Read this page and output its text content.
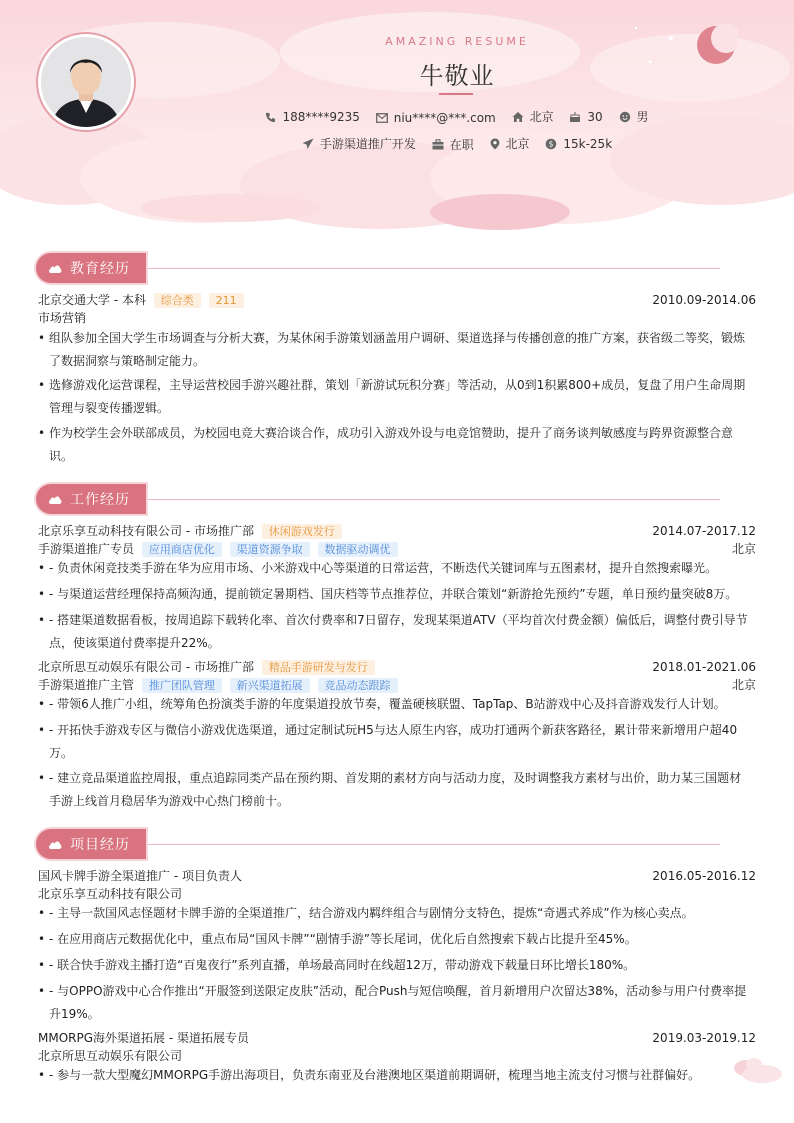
AMAZING RESUME
牛敬业
188****9235
	niu****@***.com
	北京
	30
	男
手游渠道推广开发
	在职
	北京
	$ 15k-25k
教育经历
北京交通大学 - 本科 综合类 211	2010.09-2014.06
市场营销
• 组队参加全国大学生市场调查与分析大赛，为某休闲手游策划涵盖用户调研、渠道选择与传播创意的推广方案，获省级二等奖，锻炼了数据洞察与策略制定能力。
• 选修游戏化运营课程，主导运营校园手游兴趣社群，策划「新游试玩积分赛」等活动，从0到1积累800+成员，复盘了用户生命周期管理与裂变传播逻辑。
• 作为校学生会外联部成员，为校园电竞大赛洽谈合作，成功引入游戏外设与电竞馆赞助，提升了商务谈判敏感度与跨界资源整合意识。
工作经历
北京乐享互动科技有限公司 - 市场推广部 休闲游戏发行	2014.07-2017.12
手游渠道推广专员 应用商店优化 渠道资源争取 数据驱动调优	北京
• - 负责休闲竞技类手游在华为应用市场、小米游戏中心等渠道的日常运营，不断迭代关键词库与五图素材，提升自然搜索曝光。
• - 与渠道运营经理保持高频沟通，提前锁定暑期档、国庆档等节点推荐位，并联合策划“新游抢先预约”专题，单日预约量突破8万。
• - 搭建渠道数据看板，按周追踪下载转化率、首次付费率和7日留存，发现某渠道ATV（平均首次付费金额）偏低后，调整付费引导节点，使该渠道付费率提升22%。
北京所思互动娱乐有限公司 - 市场推广部 精品手游研发与发行	2018.01-2021.06
手游渠道推广主管 推广团队管理 新兴渠道拓展 竞品动态跟踪	北京
• - 带领6人推广小组，统筹角色扮演类手游的年度渠道投放节奏，覆盖硬核联盟、TapTap、B站游戏中心及抖音游戏发行人计划。
• - 开拓快手游戏专区与微信小游戏优选渠道，通过定制试玩H5与达人原生内容，成功打通两个新获客路径，累计带来新增用户超40万。
• - 建立竞品渠道监控周报，重点追踪同类产品在预约期、首发期的素材方向与活动力度，及时调整我方素材与出价，助力某三国题材手游上线首月稳居华为游戏中心热门榜前十。
项目经历
国风卡牌手游全渠道推广 - 项目负责人	2016.05-2016.12
北京乐享互动科技有限公司
• - 主导一款国风志怪题材卡牌手游的全渠道推广，结合游戏内羁绊组合与剧情分支特色，提炼“奇遇式养成”作为核心卖点。
• - 在应用商店元数据优化中，重点布局“国风卡牌”“剧情手游”等长尾词，优化后自然搜索下载占比提升至45%。
• - 联合快手游戏主播打造“百鬼夜行”系列直播，单场最高同时在线超12万，带动游戏下载量日环比增长180%。
• - 与OPPO游戏中心合作推出“开服签到送限定皮肤”活动，配合Push与短信唤醒，首月新增用户次留达38%，活动参与用户付费率提升19%。
MMORPG海外渠道拓展 - 渠道拓展专员	2019.03-2019.12
北京所思互动娱乐有限公司
• - 参与一款大型魔幻MMORPG手游出海项目，负责东南亚及台港澳地区渠道前期调研，梳理当地主流支付习惯与社群偏好。
